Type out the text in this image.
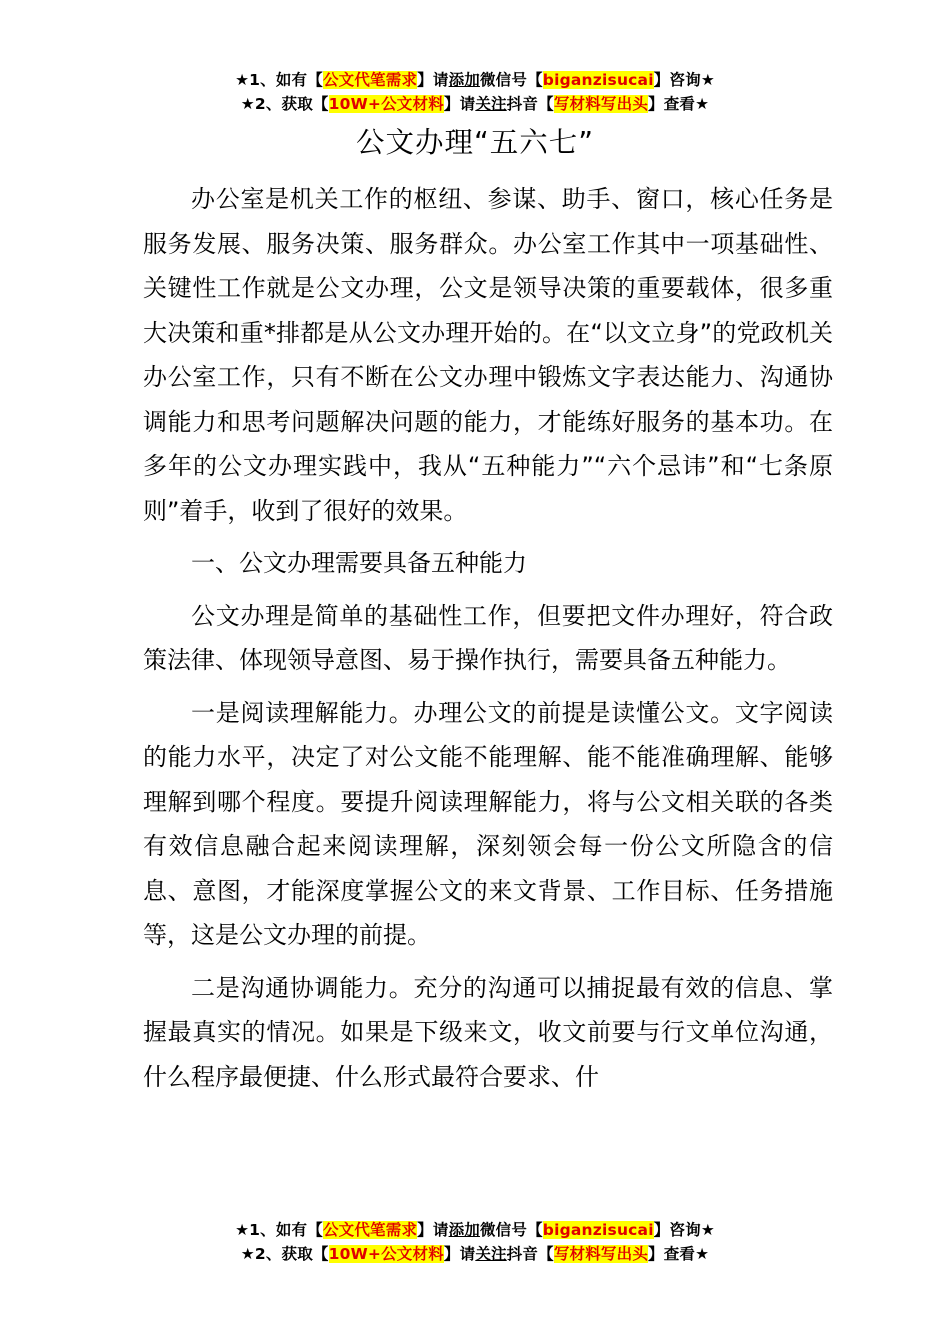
★1、如有【公文代笔需求】请添加微信号【biganzisucai】咨询★
★2、获取【10W+公文材料】请关注抖音【写材料写出头】查看★
公文办理“五六七”

办公室是机关工作的枢纽、参谋、助手、窗口，核心任务是服务发展、服务决策、服务群众。办公室工作其中一项基础性、关键性工作就是公文办理，公文是领导决策的重要载体，很多重大决策和重*排都是从公文办理开始的。在“以文立身”的党政机关办公室工作，只有不断在公文办理中锻炼文字表达能力、沟通协调能力和思考问题解决问题的能力，才能练好服务的基本功。在多年的公文办理实践中，我从“五种能力”“六个忌讳”和“七条原则”着手，收到了很好的效果。

一、公文办理需要具备五种能力

公文办理是简单的基础性工作，但要把文件办理好，符合政策法律、体现领导意图、易于操作执行，需要具备五种能力。

一是阅读理解能力。办理公文的前提是读懂公文。文字阅读的能力水平，决定了对公文能不能理解、能不能准确理解、能够理解到哪个程度。要提升阅读理解能力，将与公文相关联的各类有效信息融合起来阅读理解，深刻领会每一份公文所隐含的信息、意图，才能深度掌握公文的来文背景、工作目标、任务措施等，这是公文办理的前提。

二是沟通协调能力。充分的沟通可以捕捉最有效的信息、掌握最真实的情况。如果是下级来文，收文前要与行文单位沟通，什么程序最便捷、什么形式最符合要求、什

★1、如有【公文代笔需求】请添加微信号【biganzisucai】咨询★
★2、获取【10W+公文材料】请关注抖音【写材料写出头】查看★
